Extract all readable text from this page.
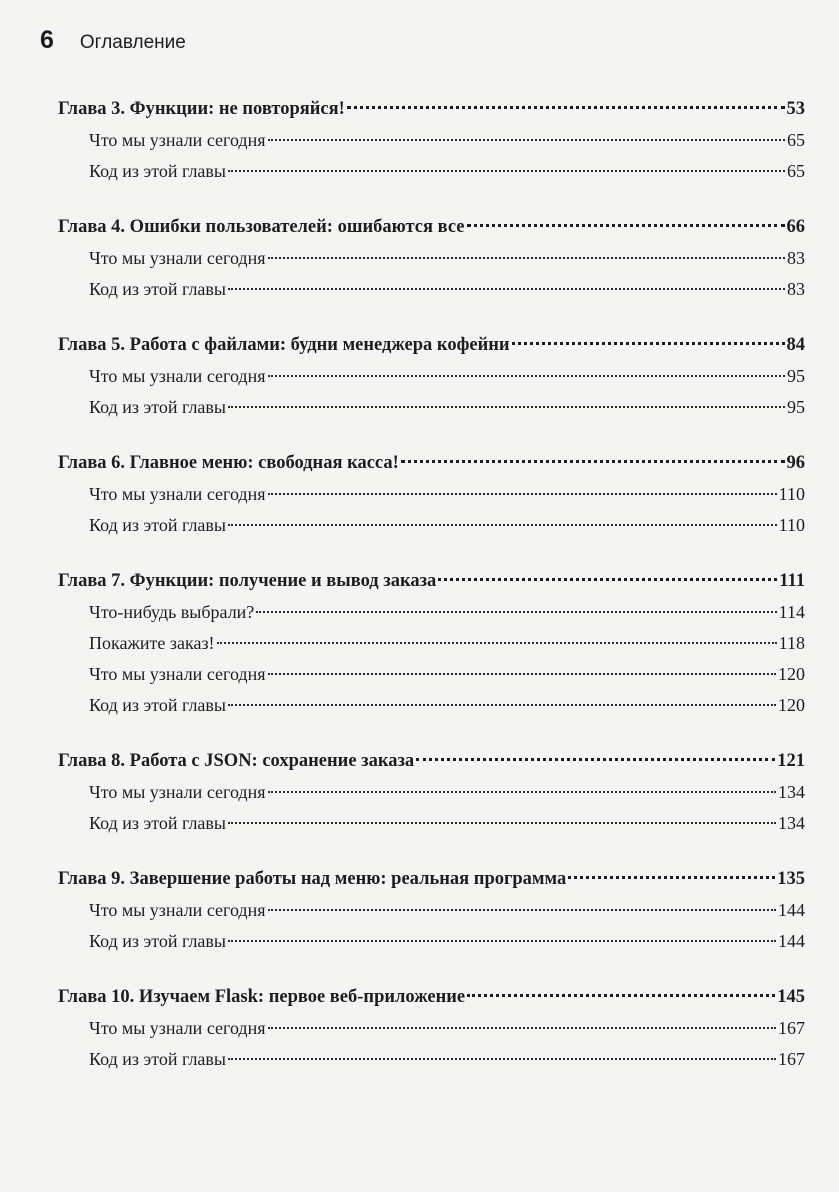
6 Оглавление
Глава 3. Функции: не повторяйся!	53
Что мы узнали сегодня	65
Код из этой главы	65
Глава 4. Ошибки пользователей: ошибаются все	66
Что мы узнали сегодня	83
Код из этой главы	83
Глава 5. Работа с файлами: будни менеджера кофейни	84
Что мы узнали сегодня	95
Код из этой главы	95
Глава 6. Главное меню: свободная касса!	96
Что мы узнали сегодня	110
Код из этой главы	110
Глава 7. Функции: получение и вывод заказа	111
Что-нибудь выбрали?	114
Покажите заказ!	118
Что мы узнали сегодня	120
Код из этой главы	120
Глава 8. Работа с JSON: сохранение заказа	121
Что мы узнали сегодня	134
Код из этой главы	134
Глава 9. Завершение работы над меню: реальная программа	135
Что мы узнали сегодня	144
Код из этой главы	144
Глава 10. Изучаем Flask: первое веб-приложение	145
Что мы узнали сегодня	167
Код из этой главы	167
